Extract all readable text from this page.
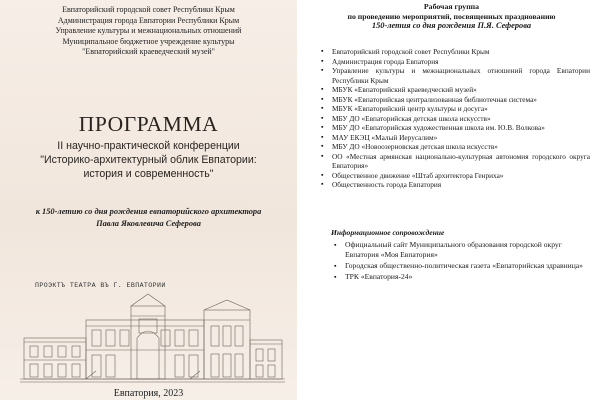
Евпаторийский городской совет Республики Крым
Администрация города Евпатории Республики Крым
Управление культуры и межнациональных отношений
Муниципальное бюджетное учреждение культуры
"Евпаторийский краеведческий музей"
ПРОГРАММА
II научно-практической конференции
"Историко-архитектурный облик Евпатории:
история и современность"
к 150-летию со дня рождения евпаторийского архитектора
Павла Яковлевича Сеферова
ПРОЭКТЪ ТЕАТРА ВЪ Г. ЕВПАТОРИИ
Евпатория, 2023
Рабочая группа
по проведению мероприятий, посвященных празднованию
150-летия со дня рождения П.Я. Сеферова
▪ Евпаторийский городской совет Республики Крым
▪ Администрация города Евпатория
▪ Управление культуры и межнациональных отношений города Евпатории Республики Крым
▪ МБУК «Евпаторийский краеведческий музей»
▪ МБУК «Евпаторийская централизованная библиотечная система»
▪ МБУК «Евпаторийский центр культуры и досуга»
▪ МБУ ДО «Евпаторийская детская школа искусств»
▪ МБУ ДО «Евпаторийская художественная школа им. Ю.В. Волкова»
▪ МАУ ЕКЭЦ «Малый Иерусалим»
▪ МБУ ДО «Новоозерновская детская школа искусств»
▪ ОО «Местная армянская национально-культурная автономия городского округа Евпатория»
▪ Общественное движение «Штаб архитектора Генриха»
▪ Общественность города Евпатория
Информационное сопровождение
▪ Официальный сайт Муниципального образования городской округ Евпатория «Моя Евпатория»
▪ Городская общественно-политическая газета «Евпаторийская здравница»
▪ ТРК «Евпатория-24»
